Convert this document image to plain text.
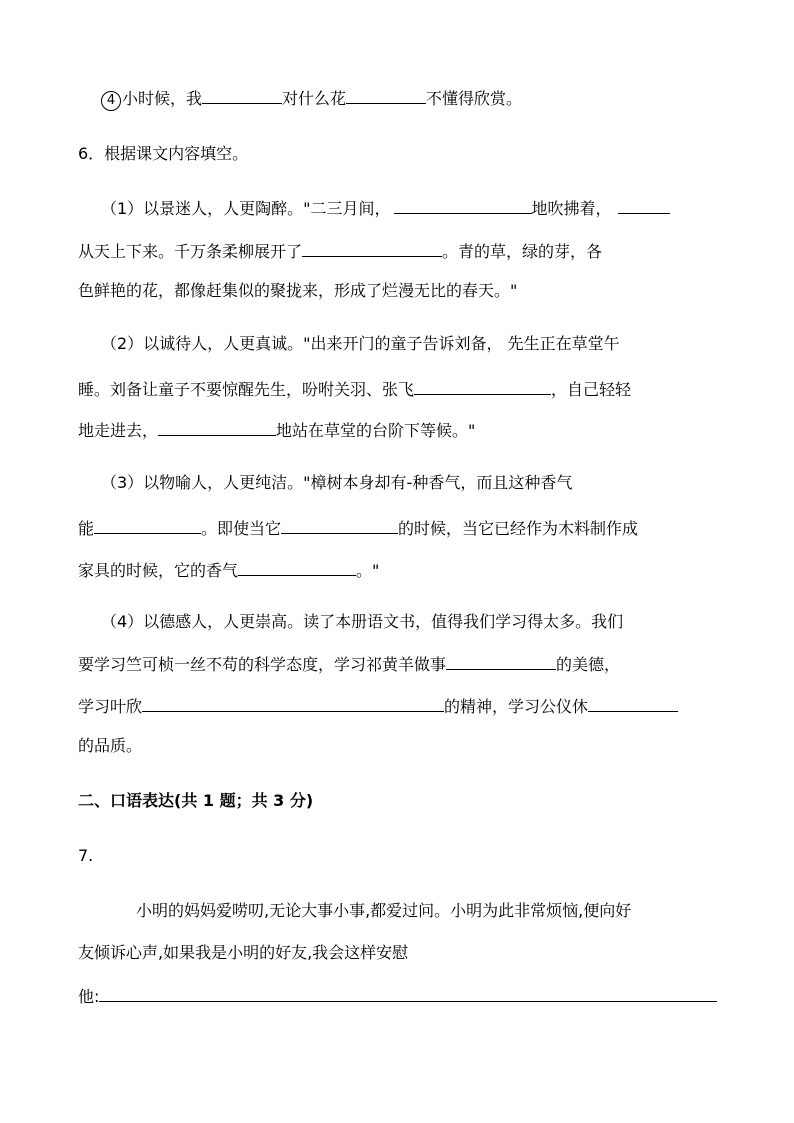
4 小时候，我	对什么花	不懂得欣赏。
6．根据课文内容填空。
（1）以景迷人，人更陶醉。"二三月间，	地吹拂着，
从天上下来。千万条柔柳展开了	。青的草，绿的芽，各
色鲜艳的花，都像赶集似的聚拢来，形成了烂漫无比的春天。"
（2）以诚待人，人更真诚。"出来开门的童子告诉刘备， 先生正在草堂午
睡。刘备让童子不要惊醒先生，吩咐关羽、张飞	，自己轻轻
地走进去，	地站在草堂的台阶下等候。"
（3）以物喻人，人更纯洁。"樟树本身却有-种香气，而且这种香气
能	。即使当它	的时候，当它已经作为木料制作成
家具的时候，它的香气	。"
（4）以德感人，人更崇高。读了本册语文书，值得我们学习得太多。我们
要学习竺可桢一丝不苟的科学态度，学习祁黄羊做事	的美德，
学习叶欣	的精神，学习公仪休
的品质。
二、口语表达(共 1 题；共 3 分)
7.
小明的妈妈爱唠叨,无论大事小事,都爱过问。小明为此非常烦恼,便向好
友倾诉心声,如果我是小明的好友,我会这样安慰
他:
